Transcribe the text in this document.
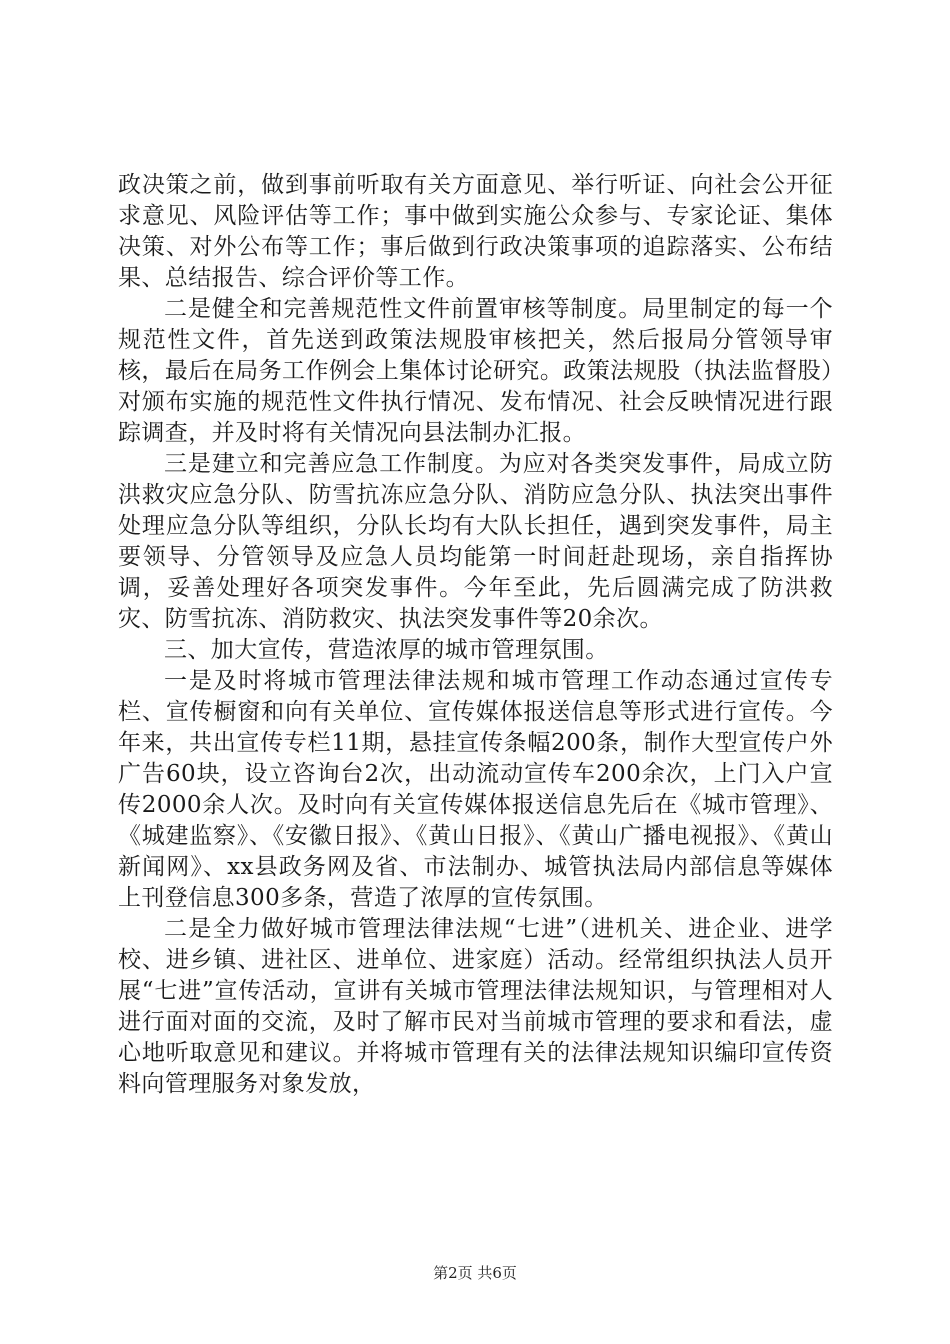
政决策之前，做到事前听取有关方面意见、举行听证、向社会公开征求意见、风险评估等工作；事中做到实施公众参与、专家论证、集体决策、对外公布等工作；事后做到行政决策事项的追踪落实、公布结果、总结报告、综合评价等工作。

二是健全和完善规范性文件前置审核等制度。局里制定的每一个规范性文件，首先送到政策法规股审核把关，然后报局分管领导审核，最后在局务工作例会上集体讨论研究。政策法规股（执法监督股）对颁布实施的规范性文件执行情况、发布情况、社会反映情况进行跟踪调查，并及时将有关情况向县法制办汇报。

三是建立和完善应急工作制度。为应对各类突发事件，局成立防洪救灾应急分队、防雪抗冻应急分队、消防应急分队、执法突出事件处理应急分队等组织，分队长均有大队长担任，遇到突发事件，局主要领导、分管领导及应急人员均能第一时间赶赴现场，亲自指挥协调，妥善处理好各项突发事件。今年至此，先后圆满完成了防洪救灾、防雪抗冻、消防救灾、执法突发事件等20余次。

三、加大宣传，营造浓厚的城市管理氛围。

一是及时将城市管理法律法规和城市管理工作动态通过宣传专栏、宣传橱窗和向有关单位、宣传媒体报送信息等形式进行宣传。今年来，共出宣传专栏11期，悬挂宣传条幅200条，制作大型宣传户外广告60块，设立咨询台2次，出动流动宣传车200余次，上门入户宣传2000余人次。及时向有关宣传媒体报送信息先后在《城市管理》、《城建监察》、《安徽日报》、《黄山日报》、《黄山广播电视报》、《黄山新闻网》、xx县政务网及省、市法制办、城管执法局内部信息等媒体上刊登信息300多条，营造了浓厚的宣传氛围。

二是全力做好城市管理法律法规“七进”（进机关、进企业、进学校、进乡镇、进社区、进单位、进家庭）活动。经常组织执法人员开展“七进”宣传活动，宣讲有关城市管理法律法规知识，与管理相对人进行面对面的交流，及时了解市民对当前城市管理的要求和看法，虚心地听取意见和建议。并将城市管理有关的法律法规知识编印宣传资料向管理服务对象发放，

第2页 共6页
